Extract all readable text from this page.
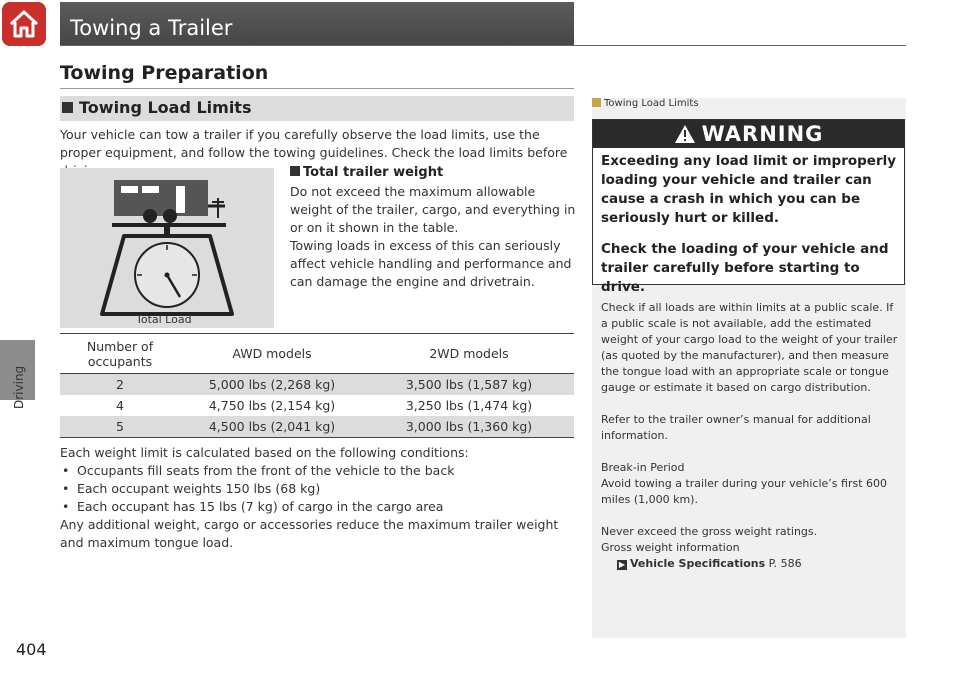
Driving
404
Towing a Trailer
Towing Preparation
Towing Load Limits
Your vehicle can tow a trailer if you carefully observe the load limits, use the proper equipment, and follow the towing guidelines. Check the load limits before
Total Load
Total trailer weight
Do not exceed the maximum allowable weight of the trailer, cargo, and everything in or on it shown in the table.
Towing loads in excess of this can seriously affect vehicle handling and performance and can damage the engine and drivetrain.
Number of occupants	AWD models	2WD models
2	5,000 lbs (2,268 kg)	3,500 lbs (1,587 kg)
4	4,750 lbs (2,154 kg)	3,250 lbs (1,474 kg)
5	4,500 lbs (2,041 kg)	3,000 lbs (1,360 kg)
Each weight limit is calculated based on the following conditions:
• Occupants fill seats from the front of the vehicle to the back
• Each occupant weights 150 lbs (68 kg)
• Each occupant has 15 lbs (7 kg) of cargo in the cargo area
Any additional weight, cargo or accessories reduce the maximum trailer weight and maximum tongue load.
Towing Load Limits
WARNING

Exceeding any load limit or improperly loading your vehicle and trailer can cause a crash in which you can be seriously hurt or killed.

Check the loading of your vehicle and trailer carefully before starting to drive.

Check if all loads are within limits at a public scale. If a public scale is not available, add the estimated weight of your cargo load to the weight of your trailer (as quoted by the manufacturer), and then measure the tongue load with an appropriate scale or tongue gauge or estimate it based on cargo distribution.

Refer to the trailer owner’s manual for additional information.

Break-in Period
Avoid towing a trailer during your vehicle’s first 600 miles (1,000 km).

Never exceed the gross weight ratings.
Gross weight information
▶ Vehicle Specifications P. 586
